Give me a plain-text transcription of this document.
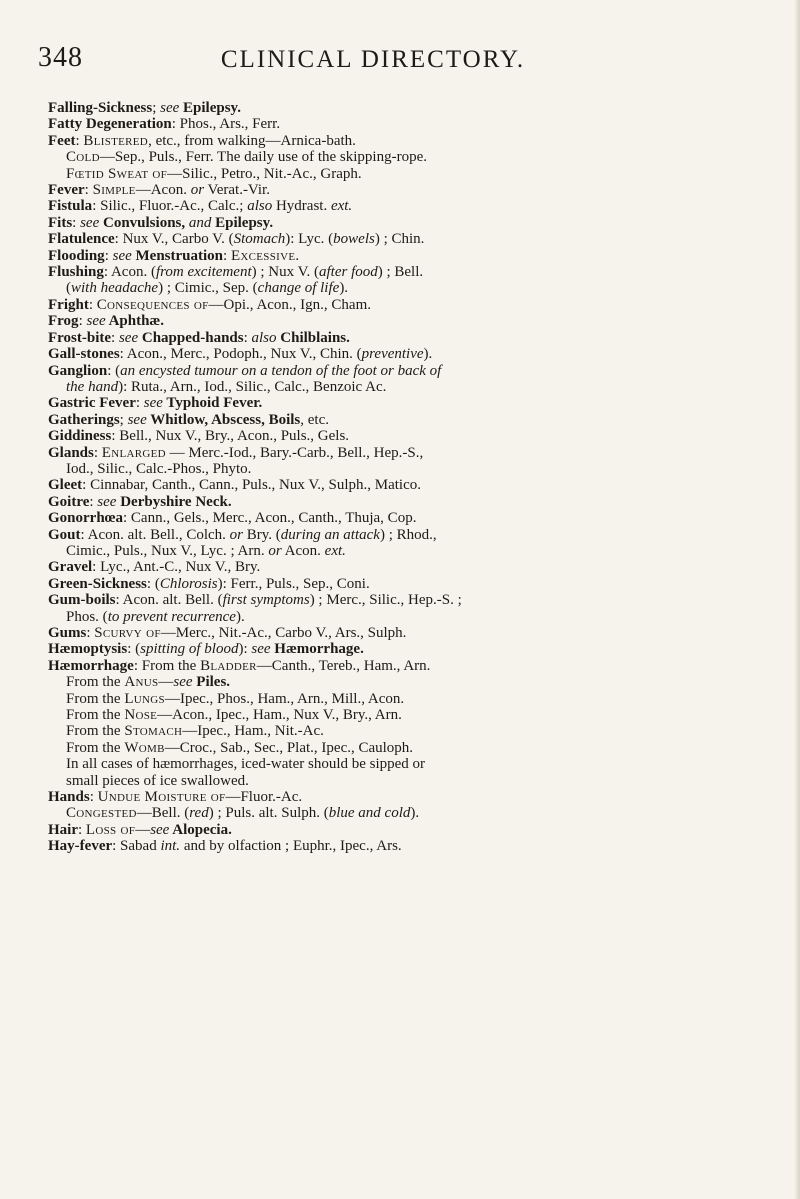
348	CLINICAL DIRECTORY.
Falling-Sickness; see Epilepsy.
Fatty Degeneration: Phos., Ars., Ferr.
Feet: Blistered, etc., from walking—Arnica-bath.
Cold—Sep., Puls., Ferr. The daily use of the skipping-rope.
Fœtid Sweat of—Silic., Petro., Nit.-Ac., Graph.
Fever: Simple—Acon. or Verat.-Vir.
Fistula: Silic., Fluor.-Ac., Calc.; also Hydrast. ext.
Fits: see Convulsions, and Epilepsy.
Flatulence: Nux V., Carbo V. (Stomach): Lyc. (bowels) ; Chin.
Flooding: see Menstruation: Excessive.
Flushing: Acon. (from excitement) ; Nux V. (after food) ; Bell.
(with headache) ; Cimic., Sep. (change of life).
Fright: Consequences of—Opi., Acon., Ign., Cham.
Frog: see Aphthæ.
Frost-bite: see Chapped-hands: also Chilblains.
Gall-stones: Acon., Merc., Podoph., Nux V., Chin. (preventive).
Ganglion: (an encysted tumour on a tendon of the foot or back of
the hand): Ruta., Arn., Iod., Silic., Calc., Benzoic Ac.
Gastric Fever: see Typhoid Fever.
Gatherings; see Whitlow, Abscess, Boils, etc.
Giddiness: Bell., Nux V., Bry., Acon., Puls., Gels.
Glands: Enlarged — Merc.-Iod., Bary.-Carb., Bell., Hep.-S.,
Iod., Silic., Calc.-Phos., Phyto.
Gleet: Cinnabar, Canth., Cann., Puls., Nux V., Sulph., Matico.
Goitre: see Derbyshire Neck.
Gonorrhœa: Cann., Gels., Merc., Acon., Canth., Thuja, Cop.
Gout: Acon. alt. Bell., Colch. or Bry. (during an attack) ; Rhod.,
Cimic., Puls., Nux V., Lyc. ; Arn. or Acon. ext.
Gravel: Lyc., Ant.-C., Nux V., Bry.
Green-Sickness: (Chlorosis): Ferr., Puls., Sep., Coni.
Gum-boils: Acon. alt. Bell. (first symptoms) ; Merc., Silic., Hep.-S. ;
Phos. (to prevent recurrence).
Gums: Scurvy of—Merc., Nit.-Ac., Carbo V., Ars., Sulph.
Hæmoptysis: (spitting of blood): see Hæmorrhage.
Hæmorrhage: From the Bladder—Canth., Tereb., Ham., Arn.
From the Anus—see Piles.
From the Lungs—Ipec., Phos., Ham., Arn., Mill., Acon.
From the Nose—Acon., Ipec., Ham., Nux V., Bry., Arn.
From the Stomach—Ipec., Ham., Nit.-Ac.
From the Womb—Croc., Sab., Sec., Plat., Ipec., Cauloph.
In all cases of hæmorrhages, iced-water should be sipped or
small pieces of ice swallowed.
Hands: Undue Moisture of—Fluor.-Ac.
Congested—Bell. (red) ; Puls. alt. Sulph. (blue and cold).
Hair: Loss of—see Alopecia.
Hay-fever: Sabad int. and by olfaction ; Euphr., Ipec., Ars.
